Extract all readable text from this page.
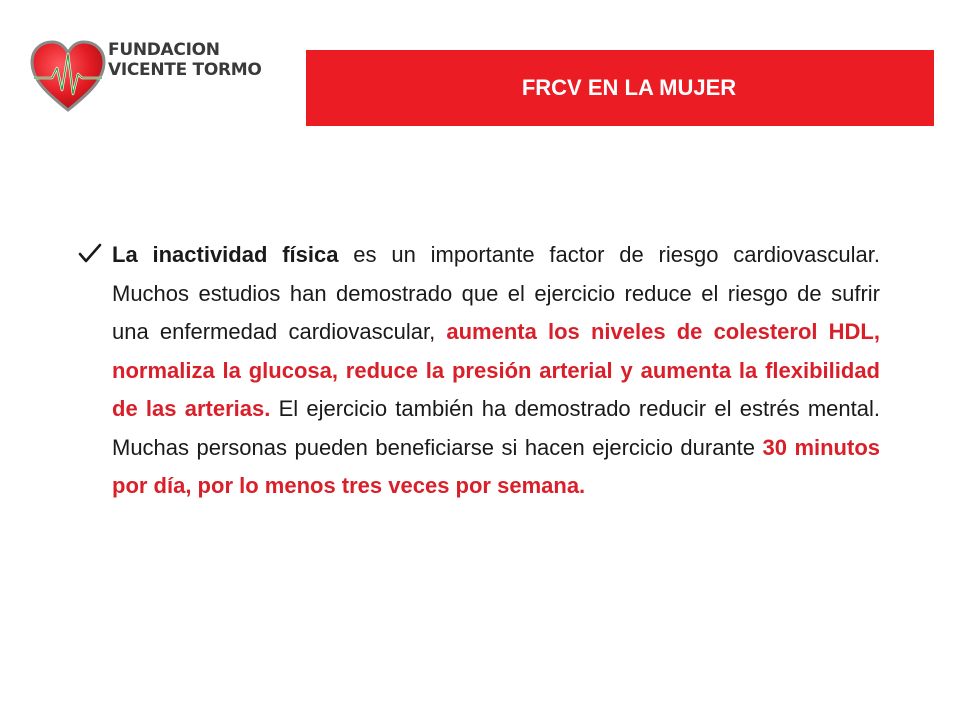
FUNDACION
VICENTE TORMO
FRCV EN LA MUJER

La inactividad física es un importante factor de riesgo cardiovascular. Muchos estudios han demostrado que el ejercicio reduce el riesgo de sufrir una enfermedad cardiovascular, aumenta los niveles de colesterol HDL, normaliza la glucosa, reduce la presión arterial y aumenta la flexibilidad de las arterias. El ejercicio también ha demostrado reducir el estrés mental. Muchas personas pueden beneficiarse si hacen ejercicio durante 30 minutos por día, por lo menos tres veces por semana.
